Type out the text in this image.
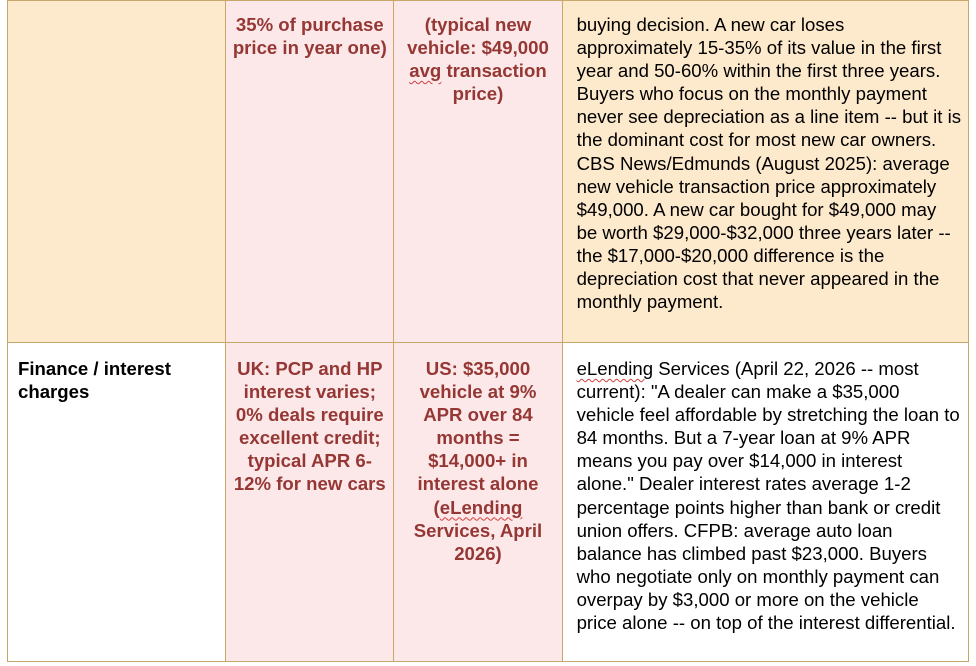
	35% of purchase price in year one)	(typical new vehicle: $49,000 avg transaction price)	buying decision. A new car loses approximately 15-35% of its value in the first year and 50-60% within the first three years. Buyers who focus on the monthly payment never see depreciation as a line item -- but it is the dominant cost for most new car owners. CBS News/Edmunds (August 2025): average new vehicle transaction price approximately $49,000. A new car bought for $49,000 may be worth $29,000-$32,000 three years later -- the $17,000-$20,000 difference is the depreciation cost that never appeared in the monthly payment.

Finance / interest charges	UK: PCP and HP interest varies; 0% deals require excellent credit; typical APR 6-12% for new cars	US: $35,000 vehicle at 9% APR over 84 months = $14,000+ in interest alone (eLending Services, April 2026)	eLending Services (April 22, 2026 -- most current): "A dealer can make a $35,000 vehicle feel affordable by stretching the loan to 84 months. But a 7-year loan at 9% APR means you pay over $14,000 in interest alone." Dealer interest rates average 1-2 percentage points higher than bank or credit union offers. CFPB: average auto loan balance has climbed past $23,000. Buyers who negotiate only on monthly payment can overpay by $3,000 or more on the vehicle price alone -- on top of the interest differential.
